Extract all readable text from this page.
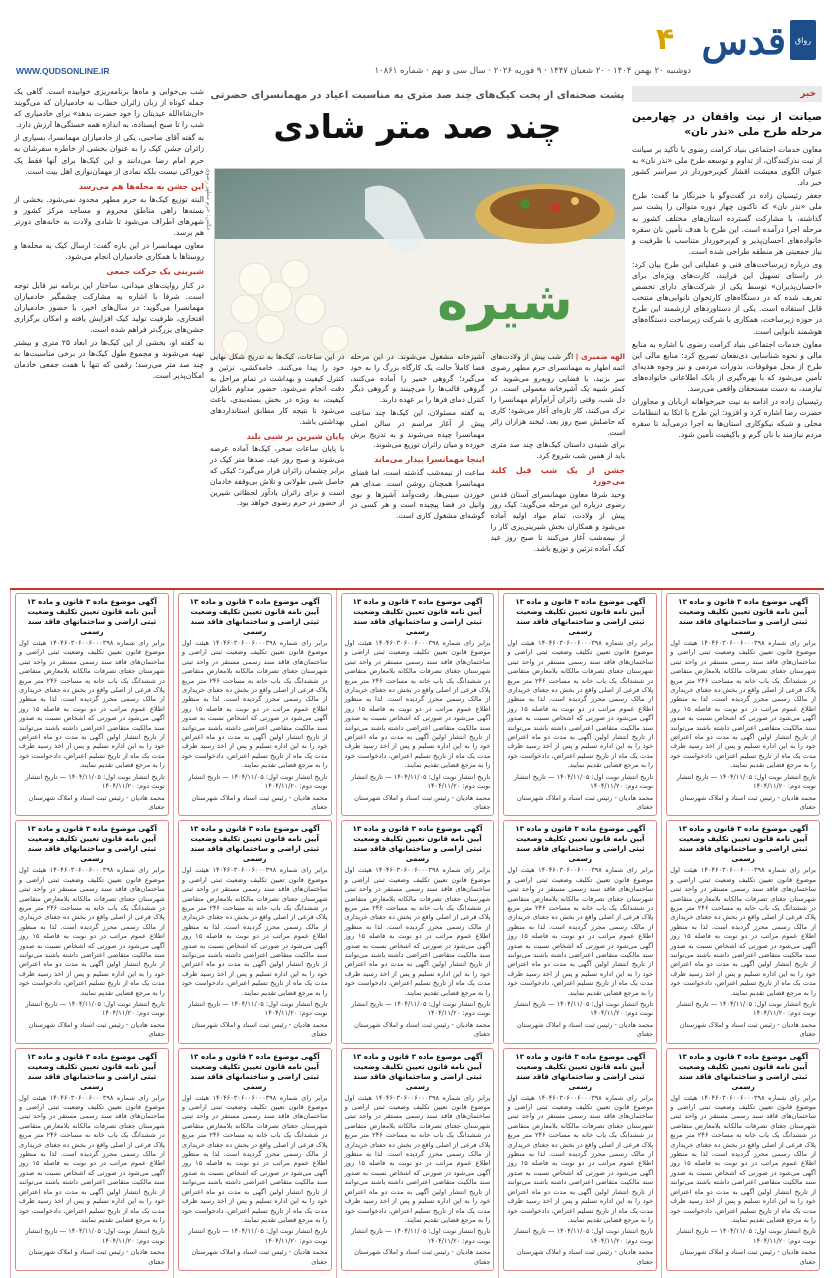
قدس	رواق
۴
WWW.QUDSONLINE.IR	دوشنبه ۲۰ بهمن ۱۴۰۴ · ۲۰ شعبان ۱۴۴۷ · ۹ فوریه ۲۰۲۶ · سال سی و نهم · شماره ۱۰۸۶۱
خبر
صیانت از نیت واقفان در چهارمین مرحله طرح ملی «نذر نان»

معاون خدمات اجتماعی بنیاد کرامت رضوی با تأکید بر صیانت از نیت نذرکنندگان، از تداوم و توسعه طرح ملی «نذر نان» به عنوان الگوی معیشت اقشار کم‌برخوردار در سراسر کشور خبر داد.

جعفر رئیسیان زاده در گفت‌وگو با خبرنگار ما گفت: طرح ملی «نذر نان» که تاکنون چهار دوره متوالی را پشت سر گذاشته، با مشارکت گسترده استان‌های مختلف کشور به مرحله اجرا درآمده است. این طرح با هدف تأمین نان سفره خانواده‌های احسان‌پذیر و کم‌برخوردار متناسب با ظرفیت و نیاز جمعیتی هر منطقه طراحی شده است.

وی درباره زیرساخت‌های فنی و عملیاتی این طرح بیان کرد: در راستای تسهیل این فرایند، کارت‌های ویژه‌ای برای «احسان‌پذیران» توسط یکی از شرکت‌های دارای تخصص تعریف شده که در دستگاه‌های کارتخوان نانوایی‌های منتخب قابل استفاده است. یکی از دستاوردهای ارزشمند این طرح در حوزه زیرساخت، همکاری با شرکت زیرساخت دستگاه‌های هوشمند نانوایی است.

معاون خدمات اجتماعی بنیاد کرامت رضوی با اشاره به منابع مالی و نحوه شناسایی ذی‌نفعان تصریح کرد: منابع مالی این طرح از محل موقوفات، نذورات مردمی و نیز وجوه هدیه‌ای تأمین می‌شود که با بهره‌گیری از بانک اطلاعاتی خانواده‌های نیازمند، به دست مستحقان واقعی می‌رسد.

رئیسیان زاده در ادامه به نیت خیرخواهانه اربابان و مجاوران حضرت رضا اشاره کرد و افزود: این طرح با اتکا به انتظامات محلی و شبکه نیکوکاری استان‌ها به اجرا درمی‌آید تا سفره مردم نیازمند با نان گرم و باکیفیت تأمین شود.

پشت صحنه‌ای از پخت کیک‌های چند صد متری به مناسبت اعیاد در مهمانسرای حضرتی
چند صد متر شادی
عکس: حرم مطهر رضوی
شیره

الهه ضمیری | اگر شب پیش از ولادت‌های ائمه اطهار به مهمانسرای حرم مطهر رضوی سر بزنید، با فضایی روبه‌رو می‌شوید که کمتر شبیه یک آشپزخانه معمولی است. در دل شب، وقتی زائران آرام‌آرام مهمانسرا را ترک می‌کنند، کار تازه‌ای آغاز می‌شود؛ کاری که حاصلش صبح روز بعد، لبخند هزاران زائر است.

برای شنیدن داستان کیک‌های چند صد متری باید از همین شب شروع کرد.

جشن از یک شب قبل کلید می‌خورد

وحید شرفا معاون مهمانسرای آستان قدس رضوی درباره این مرحله می‌گوید: کیک روز پیش از ولادت، تمام مواد اولیه آماده می‌شود و همکاران بخش شیرینی‌پزی کار را از نیمه‌شب آغاز می‌کنند تا صبح روز عید کیک آماده تزئین و توزیع باشد.

آشپزخانه مشغول می‌شوند. در این مرحله فضا کاملاً حالت یک کارگاه بزرگ را به خود می‌گیرد؛ گروهی خمیر را آماده می‌کنند، گروهی قالب‌ها را می‌چینند و گروهی دیگر کنترل دمای فرها را بر عهده دارند.

به گفته مسئولان، این کیک‌ها چند ساعت پیش از آغاز مراسم در سالن اصلی مهمانسرا چیده می‌شوند و به تدریج برش خورده و میان زائران توزیع می‌شوند.

اینجا مهمانسرا بیدار می‌ماند

ساعت از نیمه‌شب گذشته است، اما فضای مهمانسرا همچنان روشن است. صدای هم خوردن سینی‌ها، رفت‌وآمد آشپزها و بوی وانیل در فضا پیچیده است و هر کسی در گوشه‌ای مشغول کاری است.

در این ساعات، کیک‌ها به تدریج شکل نهایی خود را پیدا می‌کنند. خامه‌کشی، تزئین و کنترل کیفیت و بهداشت در تمام مراحل به دقت انجام می‌شود. حضور مداوم ناظران کیفیت، به ویژه در بخش بسته‌بندی، باعث می‌شود تا نتیجه کار مطابق استانداردهای بهداشتی باشد.

پایان شیرین بر شبی بلند

با پایان ساعات سحر، کیک‌ها آماده عرضه می‌شوند و صبح روز عید، صدها متر کیک در برابر چشمان زائران قرار می‌گیرد؛ کیکی که حاصل شبی طولانی و تلاش بی‌وقفه خادمان است و برای زائران یادآور لحظاتی شیرین از حضور در حرم رضوی خواهد بود.

شب بی‌خوابی و ماه‌ها برنامه‌ریزی خوابیده است. گاهی یک جمله کوتاه از زبان زائران خطاب به خادمیاران که می‌گویند «ان‌شاءالله عیدیتان را خود حضرت بدهد» برای خادمیاری که شب را تا صبح ایستاده، به اندازه همه خستگی‌ها ارزش دارد.

به گفته آقای صاحبی، یکی از خادمیاران مهمانسرا، بسیاری از زائران جشن کیک را به عنوان بخشی از خاطره سفرشان به حرم امام رضا می‌دانند و این کیک‌ها برای آنها فقط یک خوراکی نیست بلکه نمادی از مهمان‌نوازی اهل بیت است.

این جشن به محله‌ها هم می‌رسد

البته توزیع کیک‌ها به حرم مطهر محدود نمی‌شود. بخشی از بسته‌ها راهی مناطق محروم و مساجد مرکز کشور و شهرهای اطراف می‌شود تا شادی ولادت به خانه‌های دورتر هم برسد.

معاون مهمانسرا در این باره گفت: ارسال کیک به محله‌ها و روستاها با همکاری خادمیاران انجام می‌شود.

شیرینی یک حرکت جمعی

در کنار روایت‌های میدانی، ساختار این برنامه نیز قابل توجه است. شرفا با اشاره به مشارکت چشمگیر خادمیاران مهمانسرا می‌گوید: در سال‌های اخیر، با حضور خادمیاران افتخاری، ظرفیت تولید کیک افزایش یافته و امکان برگزاری جشن‌های بزرگ‌تر فراهم شده است.

به گفته او، بخشی از این کیک‌ها در ابعاد ۲۵ متری و بیشتر تهیه می‌شوند و مجموع طول کیک‌ها در برخی مناسبت‌ها به چند صد متر می‌رسد؛ رقمی که تنها با همت جمعی خادمان امکان‌پذیر است.

آگهی موضوع ماده ۳ قانون و ماده ۱۳ آیین نامه قانون تعیین تکلیف وضعیت ثبتی اراضی و ساختمانهای فاقد سند رسمی
برابر رای شماره ۱۴۰۴۶۰۳۰۶۰۰۶۰۰۰۳۹۸ هیئت اول موضوع قانون تعیین تکلیف وضعیت ثبتی اراضی و ساختمان‌های فاقد سند رسمی مستقر در واحد ثبتی شهرستان جغتای تصرفات مالکانه بلامعارض متقاضی در ششدانگ یک باب خانه به مساحت ۲۴۶ متر مربع پلاک فرعی از اصلی واقع در بخش ده جغتای خریداری از مالک رسمی محرز گردیده است. لذا به منظور اطلاع عموم مراتب در دو نوبت به فاصله ۱۵ روز آگهی می‌شود در صورتی که اشخاص نسبت به صدور سند مالکیت متقاضی اعتراضی داشته باشند می‌توانند از تاریخ انتشار اولین آگهی به مدت دو ماه اعتراض خود را به این اداره تسلیم و پس از اخذ رسید ظرف مدت یک ماه از تاریخ تسلیم اعتراض، دادخواست خود را به مرجع قضایی تقدیم نمایند.
تاریخ انتشار نوبت اول: ۱۴۰۴/۱۱/۰۵ — تاریخ انتشار نوبت دوم: ۱۴۰۴/۱۱/۲۰
محمد هادیان - رئیس ثبت اسناد و املاک شهرستان جغتای
آگهی موضوع ماده ۳ قانون و ماده ۱۳ آیین نامه قانون تعیین تکلیف وضعیت ثبتی اراضی و ساختمانهای فاقد سند رسمی
برابر رای شماره ۱۴۰۴۶۰۳۰۶۰۰۶۰۰۰۳۹۸ هیئت اول موضوع قانون تعیین تکلیف وضعیت ثبتی اراضی و ساختمان‌های فاقد سند رسمی مستقر در واحد ثبتی شهرستان جغتای تصرفات مالکانه بلامعارض متقاضی در ششدانگ یک باب خانه به مساحت ۲۴۶ متر مربع پلاک فرعی از اصلی واقع در بخش ده جغتای خریداری از مالک رسمی محرز گردیده است. لذا به منظور اطلاع عموم مراتب در دو نوبت به فاصله ۱۵ روز آگهی می‌شود در صورتی که اشخاص نسبت به صدور سند مالکیت متقاضی اعتراضی داشته باشند می‌توانند از تاریخ انتشار اولین آگهی به مدت دو ماه اعتراض خود را به این اداره تسلیم و پس از اخذ رسید ظرف مدت یک ماه از تاریخ تسلیم اعتراض، دادخواست خود را به مرجع قضایی تقدیم نمایند.
تاریخ انتشار نوبت اول: ۱۴۰۴/۱۱/۰۵ — تاریخ انتشار نوبت دوم: ۱۴۰۴/۱۱/۲۰
محمد هادیان - رئیس ثبت اسناد و املاک شهرستان جغتای
آگهی موضوع ماده ۳ قانون و ماده ۱۳ آیین نامه قانون تعیین تکلیف وضعیت ثبتی اراضی و ساختمانهای فاقد سند رسمی
برابر رای شماره ۱۴۰۴۶۰۳۰۶۰۰۶۰۰۰۳۹۸ هیئت اول موضوع قانون تعیین تکلیف وضعیت ثبتی اراضی و ساختمان‌های فاقد سند رسمی مستقر در واحد ثبتی شهرستان جغتای تصرفات مالکانه بلامعارض متقاضی در ششدانگ یک باب خانه به مساحت ۲۴۶ متر مربع پلاک فرعی از اصلی واقع در بخش ده جغتای خریداری از مالک رسمی محرز گردیده است. لذا به منظور اطلاع عموم مراتب در دو نوبت به فاصله ۱۵ روز آگهی می‌شود در صورتی که اشخاص نسبت به صدور سند مالکیت متقاضی اعتراضی داشته باشند می‌توانند از تاریخ انتشار اولین آگهی به مدت دو ماه اعتراض خود را به این اداره تسلیم و پس از اخذ رسید ظرف مدت یک ماه از تاریخ تسلیم اعتراض، دادخواست خود را به مرجع قضایی تقدیم نمایند.
تاریخ انتشار نوبت اول: ۱۴۰۴/۱۱/۰۵ — تاریخ انتشار نوبت دوم: ۱۴۰۴/۱۱/۲۰
محمد هادیان - رئیس ثبت اسناد و املاک شهرستان جغتای
آگهی موضوع ماده ۳ قانون و ماده ۱۳ آیین نامه قانون تعیین تکلیف وضعیت ثبتی اراضی و ساختمانهای فاقد سند رسمی
برابر رای شماره ۱۴۰۴۶۰۳۰۶۰۰۶۰۰۰۳۹۸ هیئت اول موضوع قانون تعیین تکلیف وضعیت ثبتی اراضی و ساختمان‌های فاقد سند رسمی مستقر در واحد ثبتی شهرستان جغتای تصرفات مالکانه بلامعارض متقاضی در ششدانگ یک باب خانه به مساحت ۲۴۶ متر مربع پلاک فرعی از اصلی واقع در بخش ده جغتای خریداری از مالک رسمی محرز گردیده است. لذا به منظور اطلاع عموم مراتب در دو نوبت به فاصله ۱۵ روز آگهی می‌شود در صورتی که اشخاص نسبت به صدور سند مالکیت متقاضی اعتراضی داشته باشند می‌توانند از تاریخ انتشار اولین آگهی به مدت دو ماه اعتراض خود را به این اداره تسلیم و پس از اخذ رسید ظرف مدت یک ماه از تاریخ تسلیم اعتراض، دادخواست خود را به مرجع قضایی تقدیم نمایند.
تاریخ انتشار نوبت اول: ۱۴۰۴/۱۱/۰۵ — تاریخ انتشار نوبت دوم: ۱۴۰۴/۱۱/۲۰
محمد هادیان - رئیس ثبت اسناد و املاک شهرستان جغتای
آگهی موضوع ماده ۳ قانون و ماده ۱۳ آیین نامه قانون تعیین تکلیف وضعیت ثبتی اراضی و ساختمانهای فاقد سند رسمی
برابر رای شماره ۱۴۰۴۶۰۳۰۶۰۰۶۰۰۰۳۹۸ هیئت اول موضوع قانون تعیین تکلیف وضعیت ثبتی اراضی و ساختمان‌های فاقد سند رسمی مستقر در واحد ثبتی شهرستان جغتای تصرفات مالکانه بلامعارض متقاضی در ششدانگ یک باب خانه به مساحت ۲۴۶ متر مربع پلاک فرعی از اصلی واقع در بخش ده جغتای خریداری از مالک رسمی محرز گردیده است. لذا به منظور اطلاع عموم مراتب در دو نوبت به فاصله ۱۵ روز آگهی می‌شود در صورتی که اشخاص نسبت به صدور سند مالکیت متقاضی اعتراضی داشته باشند می‌توانند از تاریخ انتشار اولین آگهی به مدت دو ماه اعتراض خود را به این اداره تسلیم و پس از اخذ رسید ظرف مدت یک ماه از تاریخ تسلیم اعتراض، دادخواست خود را به مرجع قضایی تقدیم نمایند.
تاریخ انتشار نوبت اول: ۱۴۰۴/۱۱/۰۵ — تاریخ انتشار نوبت دوم: ۱۴۰۴/۱۱/۲۰
محمد هادیان - رئیس ثبت اسناد و املاک شهرستان جغتای
آگهی موضوع ماده ۳ قانون و ماده ۱۳ آیین نامه قانون تعیین تکلیف وضعیت ثبتی اراضی و ساختمانهای فاقد سند رسمی
برابر رای شماره ۱۴۰۴۶۰۳۰۶۰۰۶۰۰۰۳۹۸ هیئت اول موضوع قانون تعیین تکلیف وضعیت ثبتی اراضی و ساختمان‌های فاقد سند رسمی مستقر در واحد ثبتی شهرستان جغتای تصرفات مالکانه بلامعارض متقاضی در ششدانگ یک باب خانه به مساحت ۲۴۶ متر مربع پلاک فرعی از اصلی واقع در بخش ده جغتای خریداری از مالک رسمی محرز گردیده است. لذا به منظور اطلاع عموم مراتب در دو نوبت به فاصله ۱۵ روز آگهی می‌شود در صورتی که اشخاص نسبت به صدور سند مالکیت متقاضی اعتراضی داشته باشند می‌توانند از تاریخ انتشار اولین آگهی به مدت دو ماه اعتراض خود را به این اداره تسلیم و پس از اخذ رسید ظرف مدت یک ماه از تاریخ تسلیم اعتراض، دادخواست خود را به مرجع قضایی تقدیم نمایند.
تاریخ انتشار نوبت اول: ۱۴۰۴/۱۱/۰۵ — تاریخ انتشار نوبت دوم: ۱۴۰۴/۱۱/۲۰
محمد هادیان - رئیس ثبت اسناد و املاک شهرستان جغتای
آگهی موضوع ماده ۳ قانون و ماده ۱۳ آیین نامه قانون تعیین تکلیف وضعیت ثبتی اراضی و ساختمانهای فاقد سند رسمی
برابر رای شماره ۱۴۰۴۶۰۳۰۶۰۰۶۰۰۰۳۹۸ هیئت اول موضوع قانون تعیین تکلیف وضعیت ثبتی اراضی و ساختمان‌های فاقد سند رسمی مستقر در واحد ثبتی شهرستان جغتای تصرفات مالکانه بلامعارض متقاضی در ششدانگ یک باب خانه به مساحت ۲۴۶ متر مربع پلاک فرعی از اصلی واقع در بخش ده جغتای خریداری از مالک رسمی محرز گردیده است. لذا به منظور اطلاع عموم مراتب در دو نوبت به فاصله ۱۵ روز آگهی می‌شود در صورتی که اشخاص نسبت به صدور سند مالکیت متقاضی اعتراضی داشته باشند می‌توانند از تاریخ انتشار اولین آگهی به مدت دو ماه اعتراض خود را به این اداره تسلیم و پس از اخذ رسید ظرف مدت یک ماه از تاریخ تسلیم اعتراض، دادخواست خود را به مرجع قضایی تقدیم نمایند.
تاریخ انتشار نوبت اول: ۱۴۰۴/۱۱/۰۵ — تاریخ انتشار نوبت دوم: ۱۴۰۴/۱۱/۲۰
محمد هادیان - رئیس ثبت اسناد و املاک شهرستان جغتای
آگهی موضوع ماده ۳ قانون و ماده ۱۳ آیین نامه قانون تعیین تکلیف وضعیت ثبتی اراضی و ساختمانهای فاقد سند رسمی
برابر رای شماره ۱۴۰۴۶۰۳۰۶۰۰۶۰۰۰۳۹۸ هیئت اول موضوع قانون تعیین تکلیف وضعیت ثبتی اراضی و ساختمان‌های فاقد سند رسمی مستقر در واحد ثبتی شهرستان جغتای تصرفات مالکانه بلامعارض متقاضی در ششدانگ یک باب خانه به مساحت ۲۴۶ متر مربع پلاک فرعی از اصلی واقع در بخش ده جغتای خریداری از مالک رسمی محرز گردیده است. لذا به منظور اطلاع عموم مراتب در دو نوبت به فاصله ۱۵ روز آگهی می‌شود در صورتی که اشخاص نسبت به صدور سند مالکیت متقاضی اعتراضی داشته باشند می‌توانند از تاریخ انتشار اولین آگهی به مدت دو ماه اعتراض خود را به این اداره تسلیم و پس از اخذ رسید ظرف مدت یک ماه از تاریخ تسلیم اعتراض، دادخواست خود را به مرجع قضایی تقدیم نمایند.
تاریخ انتشار نوبت اول: ۱۴۰۴/۱۱/۰۵ — تاریخ انتشار نوبت دوم: ۱۴۰۴/۱۱/۲۰
محمد هادیان - رئیس ثبت اسناد و املاک شهرستان جغتای
آگهی موضوع ماده ۳ قانون و ماده ۱۳ آیین نامه قانون تعیین تکلیف وضعیت ثبتی اراضی و ساختمانهای فاقد سند رسمی
برابر رای شماره ۱۴۰۴۶۰۳۰۶۰۰۶۰۰۰۳۹۸ هیئت اول موضوع قانون تعیین تکلیف وضعیت ثبتی اراضی و ساختمان‌های فاقد سند رسمی مستقر در واحد ثبتی شهرستان جغتای تصرفات مالکانه بلامعارض متقاضی در ششدانگ یک باب خانه به مساحت ۲۴۶ متر مربع پلاک فرعی از اصلی واقع در بخش ده جغتای خریداری از مالک رسمی محرز گردیده است. لذا به منظور اطلاع عموم مراتب در دو نوبت به فاصله ۱۵ روز آگهی می‌شود در صورتی که اشخاص نسبت به صدور سند مالکیت متقاضی اعتراضی داشته باشند می‌توانند از تاریخ انتشار اولین آگهی به مدت دو ماه اعتراض خود را به این اداره تسلیم و پس از اخذ رسید ظرف مدت یک ماه از تاریخ تسلیم اعتراض، دادخواست خود را به مرجع قضایی تقدیم نمایند.
تاریخ انتشار نوبت اول: ۱۴۰۴/۱۱/۰۵ — تاریخ انتشار نوبت دوم: ۱۴۰۴/۱۱/۲۰
محمد هادیان - رئیس ثبت اسناد و املاک شهرستان جغتای
آگهی موضوع ماده ۳ قانون و ماده ۱۳ آیین نامه قانون تعیین تکلیف وضعیت ثبتی اراضی و ساختمانهای فاقد سند رسمی
برابر رای شماره ۱۴۰۴۶۰۳۰۶۰۰۶۰۰۰۳۹۸ هیئت اول موضوع قانون تعیین تکلیف وضعیت ثبتی اراضی و ساختمان‌های فاقد سند رسمی مستقر در واحد ثبتی شهرستان جغتای تصرفات مالکانه بلامعارض متقاضی در ششدانگ یک باب خانه به مساحت ۲۴۶ متر مربع پلاک فرعی از اصلی واقع در بخش ده جغتای خریداری از مالک رسمی محرز گردیده است. لذا به منظور اطلاع عموم مراتب در دو نوبت به فاصله ۱۵ روز آگهی می‌شود در صورتی که اشخاص نسبت به صدور سند مالکیت متقاضی اعتراضی داشته باشند می‌توانند از تاریخ انتشار اولین آگهی به مدت دو ماه اعتراض خود را به این اداره تسلیم و پس از اخذ رسید ظرف مدت یک ماه از تاریخ تسلیم اعتراض، دادخواست خود را به مرجع قضایی تقدیم نمایند.
تاریخ انتشار نوبت اول: ۱۴۰۴/۱۱/۰۵ — تاریخ انتشار نوبت دوم: ۱۴۰۴/۱۱/۲۰
محمد هادیان - رئیس ثبت اسناد و املاک شهرستان جغتای
آگهی موضوع ماده ۳ قانون و ماده ۱۳ آیین نامه قانون تعیین تکلیف وضعیت ثبتی اراضی و ساختمانهای فاقد سند رسمی
برابر رای شماره ۱۴۰۴۶۰۳۰۶۰۰۶۰۰۰۳۹۸ هیئت اول موضوع قانون تعیین تکلیف وضعیت ثبتی اراضی و ساختمان‌های فاقد سند رسمی مستقر در واحد ثبتی شهرستان جغتای تصرفات مالکانه بلامعارض متقاضی در ششدانگ یک باب خانه به مساحت ۲۴۶ متر مربع پلاک فرعی از اصلی واقع در بخش ده جغتای خریداری از مالک رسمی محرز گردیده است. لذا به منظور اطلاع عموم مراتب در دو نوبت به فاصله ۱۵ روز آگهی می‌شود در صورتی که اشخاص نسبت به صدور سند مالکیت متقاضی اعتراضی داشته باشند می‌توانند از تاریخ انتشار اولین آگهی به مدت دو ماه اعتراض خود را به این اداره تسلیم و پس از اخذ رسید ظرف مدت یک ماه از تاریخ تسلیم اعتراض، دادخواست خود را به مرجع قضایی تقدیم نمایند.
تاریخ انتشار نوبت اول: ۱۴۰۴/۱۱/۰۵ — تاریخ انتشار نوبت دوم: ۱۴۰۴/۱۱/۲۰
محمد هادیان - رئیس ثبت اسناد و املاک شهرستان جغتای
آگهی موضوع ماده ۳ قانون و ماده ۱۳ آیین نامه قانون تعیین تکلیف وضعیت ثبتی اراضی و ساختمانهای فاقد سند رسمی
برابر رای شماره ۱۴۰۴۶۰۳۰۶۰۰۶۰۰۰۳۹۸ هیئت اول موضوع قانون تعیین تکلیف وضعیت ثبتی اراضی و ساختمان‌های فاقد سند رسمی مستقر در واحد ثبتی شهرستان جغتای تصرفات مالکانه بلامعارض متقاضی در ششدانگ یک باب خانه به مساحت ۲۴۶ متر مربع پلاک فرعی از اصلی واقع در بخش ده جغتای خریداری از مالک رسمی محرز گردیده است. لذا به منظور اطلاع عموم مراتب در دو نوبت به فاصله ۱۵ روز آگهی می‌شود در صورتی که اشخاص نسبت به صدور سند مالکیت متقاضی اعتراضی داشته باشند می‌توانند از تاریخ انتشار اولین آگهی به مدت دو ماه اعتراض خود را به این اداره تسلیم و پس از اخذ رسید ظرف مدت یک ماه از تاریخ تسلیم اعتراض، دادخواست خود را به مرجع قضایی تقدیم نمایند.
تاریخ انتشار نوبت اول: ۱۴۰۴/۱۱/۰۵ — تاریخ انتشار نوبت دوم: ۱۴۰۴/۱۱/۲۰
محمد هادیان - رئیس ثبت اسناد و املاک شهرستان جغتای
آگهی موضوع ماده ۳ قانون و ماده ۱۳ آیین نامه قانون تعیین تکلیف وضعیت ثبتی اراضی و ساختمانهای فاقد سند رسمی
برابر رای شماره ۱۴۰۴۶۰۳۰۶۰۰۶۰۰۰۳۹۸ هیئت اول موضوع قانون تعیین تکلیف وضعیت ثبتی اراضی و ساختمان‌های فاقد سند رسمی مستقر در واحد ثبتی شهرستان جغتای تصرفات مالکانه بلامعارض متقاضی در ششدانگ یک باب خانه به مساحت ۲۴۶ متر مربع پلاک فرعی از اصلی واقع در بخش ده جغتای خریداری از مالک رسمی محرز گردیده است. لذا به منظور اطلاع عموم مراتب در دو نوبت به فاصله ۱۵ روز آگهی می‌شود در صورتی که اشخاص نسبت به صدور سند مالکیت متقاضی اعتراضی داشته باشند می‌توانند از تاریخ انتشار اولین آگهی به مدت دو ماه اعتراض خود را به این اداره تسلیم و پس از اخذ رسید ظرف مدت یک ماه از تاریخ تسلیم اعتراض، دادخواست خود را به مرجع قضایی تقدیم نمایند.
تاریخ انتشار نوبت اول: ۱۴۰۴/۱۱/۰۵ — تاریخ انتشار نوبت دوم: ۱۴۰۴/۱۱/۲۰
محمد هادیان - رئیس ثبت اسناد و املاک شهرستان جغتای
آگهی موضوع ماده ۳ قانون و ماده ۱۳ آیین نامه قانون تعیین تکلیف وضعیت ثبتی اراضی و ساختمانهای فاقد سند رسمی
برابر رای شماره ۱۴۰۴۶۰۳۰۶۰۰۶۰۰۰۳۹۸ هیئت اول موضوع قانون تعیین تکلیف وضعیت ثبتی اراضی و ساختمان‌های فاقد سند رسمی مستقر در واحد ثبتی شهرستان جغتای تصرفات مالکانه بلامعارض متقاضی در ششدانگ یک باب خانه به مساحت ۲۴۶ متر مربع پلاک فرعی از اصلی واقع در بخش ده جغتای خریداری از مالک رسمی محرز گردیده است. لذا به منظور اطلاع عموم مراتب در دو نوبت به فاصله ۱۵ روز آگهی می‌شود در صورتی که اشخاص نسبت به صدور سند مالکیت متقاضی اعتراضی داشته باشند می‌توانند از تاریخ انتشار اولین آگهی به مدت دو ماه اعتراض خود را به این اداره تسلیم و پس از اخذ رسید ظرف مدت یک ماه از تاریخ تسلیم اعتراض، دادخواست خود را به مرجع قضایی تقدیم نمایند.
تاریخ انتشار نوبت اول: ۱۴۰۴/۱۱/۰۵ — تاریخ انتشار نوبت دوم: ۱۴۰۴/۱۱/۲۰
محمد هادیان - رئیس ثبت اسناد و املاک شهرستان جغتای
آگهی موضوع ماده ۳ قانون و ماده ۱۳ آیین نامه قانون تعیین تکلیف وضعیت ثبتی اراضی و ساختمانهای فاقد سند رسمی
برابر رای شماره ۱۴۰۴۶۰۳۰۶۰۰۶۰۰۰۳۹۸ هیئت اول موضوع قانون تعیین تکلیف وضعیت ثبتی اراضی و ساختمان‌های فاقد سند رسمی مستقر در واحد ثبتی شهرستان جغتای تصرفات مالکانه بلامعارض متقاضی در ششدانگ یک باب خانه به مساحت ۲۴۶ متر مربع پلاک فرعی از اصلی واقع در بخش ده جغتای خریداری از مالک رسمی محرز گردیده است. لذا به منظور اطلاع عموم مراتب در دو نوبت به فاصله ۱۵ روز آگهی می‌شود در صورتی که اشخاص نسبت به صدور سند مالکیت متقاضی اعتراضی داشته باشند می‌توانند از تاریخ انتشار اولین آگهی به مدت دو ماه اعتراض خود را به این اداره تسلیم و پس از اخذ رسید ظرف مدت یک ماه از تاریخ تسلیم اعتراض، دادخواست خود را به مرجع قضایی تقدیم نمایند.
تاریخ انتشار نوبت اول: ۱۴۰۴/۱۱/۰۵ — تاریخ انتشار نوبت دوم: ۱۴۰۴/۱۱/۲۰
محمد هادیان - رئیس ثبت اسناد و املاک شهرستان جغتای
